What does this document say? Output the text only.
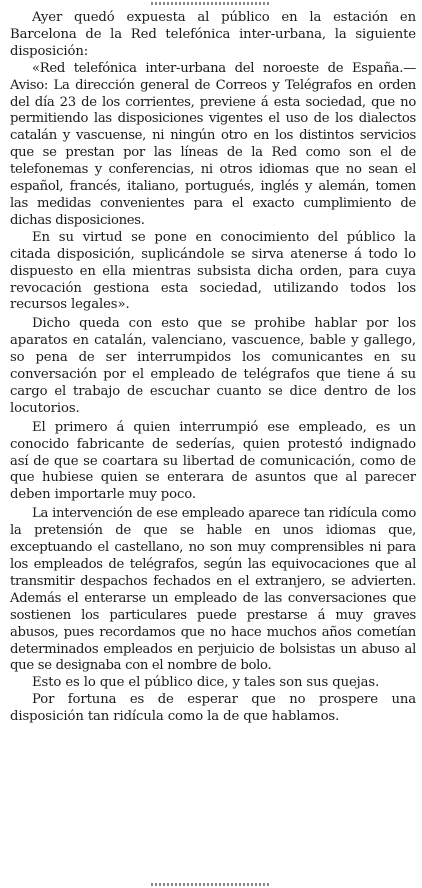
Ayer quedó expuesta al público en la estación en Barcelona de la Red telefónica inter-urbana, la siguiente disposición:

«Red telefónica inter-urbana del noroeste de España.—Aviso: La dirección general de Correos y Telégrafos en orden del día 23 de los corrientes, previene á esta sociedad, que no permitiendo las disposiciones vigentes el uso de los dialectos catalán y vascuense, ni ningún otro en los distintos servicios que se prestan por las líneas de la Red como son el de telefonemas y conferencias, ni otros idiomas que no sean el español, francés, italiano, portugués, inglés y alemán, tomen las medidas convenientes para el exacto cumplimiento de dichas disposiciones.

En su virtud se pone en conocimiento del público la citada disposición, suplicándole se sirva atenerse á todo lo dispuesto en ella mientras subsista dicha orden, para cuya revocación gestiona esta sociedad, utilizando todos los recursos legales».

Dicho queda con esto que se prohibe hablar por los aparatos en catalán, valenciano, vascuence, bable y gallego, so pena de ser interrumpidos los comunicantes en su conversación por el empleado de telégrafos que tiene á su cargo el trabajo de escuchar cuanto se dice dentro de los locutorios.

El primero á quien interrumpió ese empleado, es un conocido fabricante de sederías, quien protestó indignado así de que se coartara su libertad de comunicación, como de que hubiese quien se enterara de asuntos que al parecer deben importarle muy poco.

La intervención de ese empleado aparece tan ridícula como la pretensión de que se hable en unos idiomas que, exceptuando el castellano, no son muy comprensibles ni para los empleados de telégrafos, según las equivocaciones que al transmitir despachos fechados en el extranjero, se advierten. Además el enterarse un empleado de las conversaciones que sostienen los particulares puede prestarse á muy graves abusos, pues recordamos que no hace muchos años cometían determinados empleados en perjuicio de bolsistas un abuso al que se designaba con el nombre de bolo.

Esto es lo que el público dice, y tales son sus quejas.

Por fortuna es de esperar que no prospere una disposición tan ridícula como la de que hablamos.
